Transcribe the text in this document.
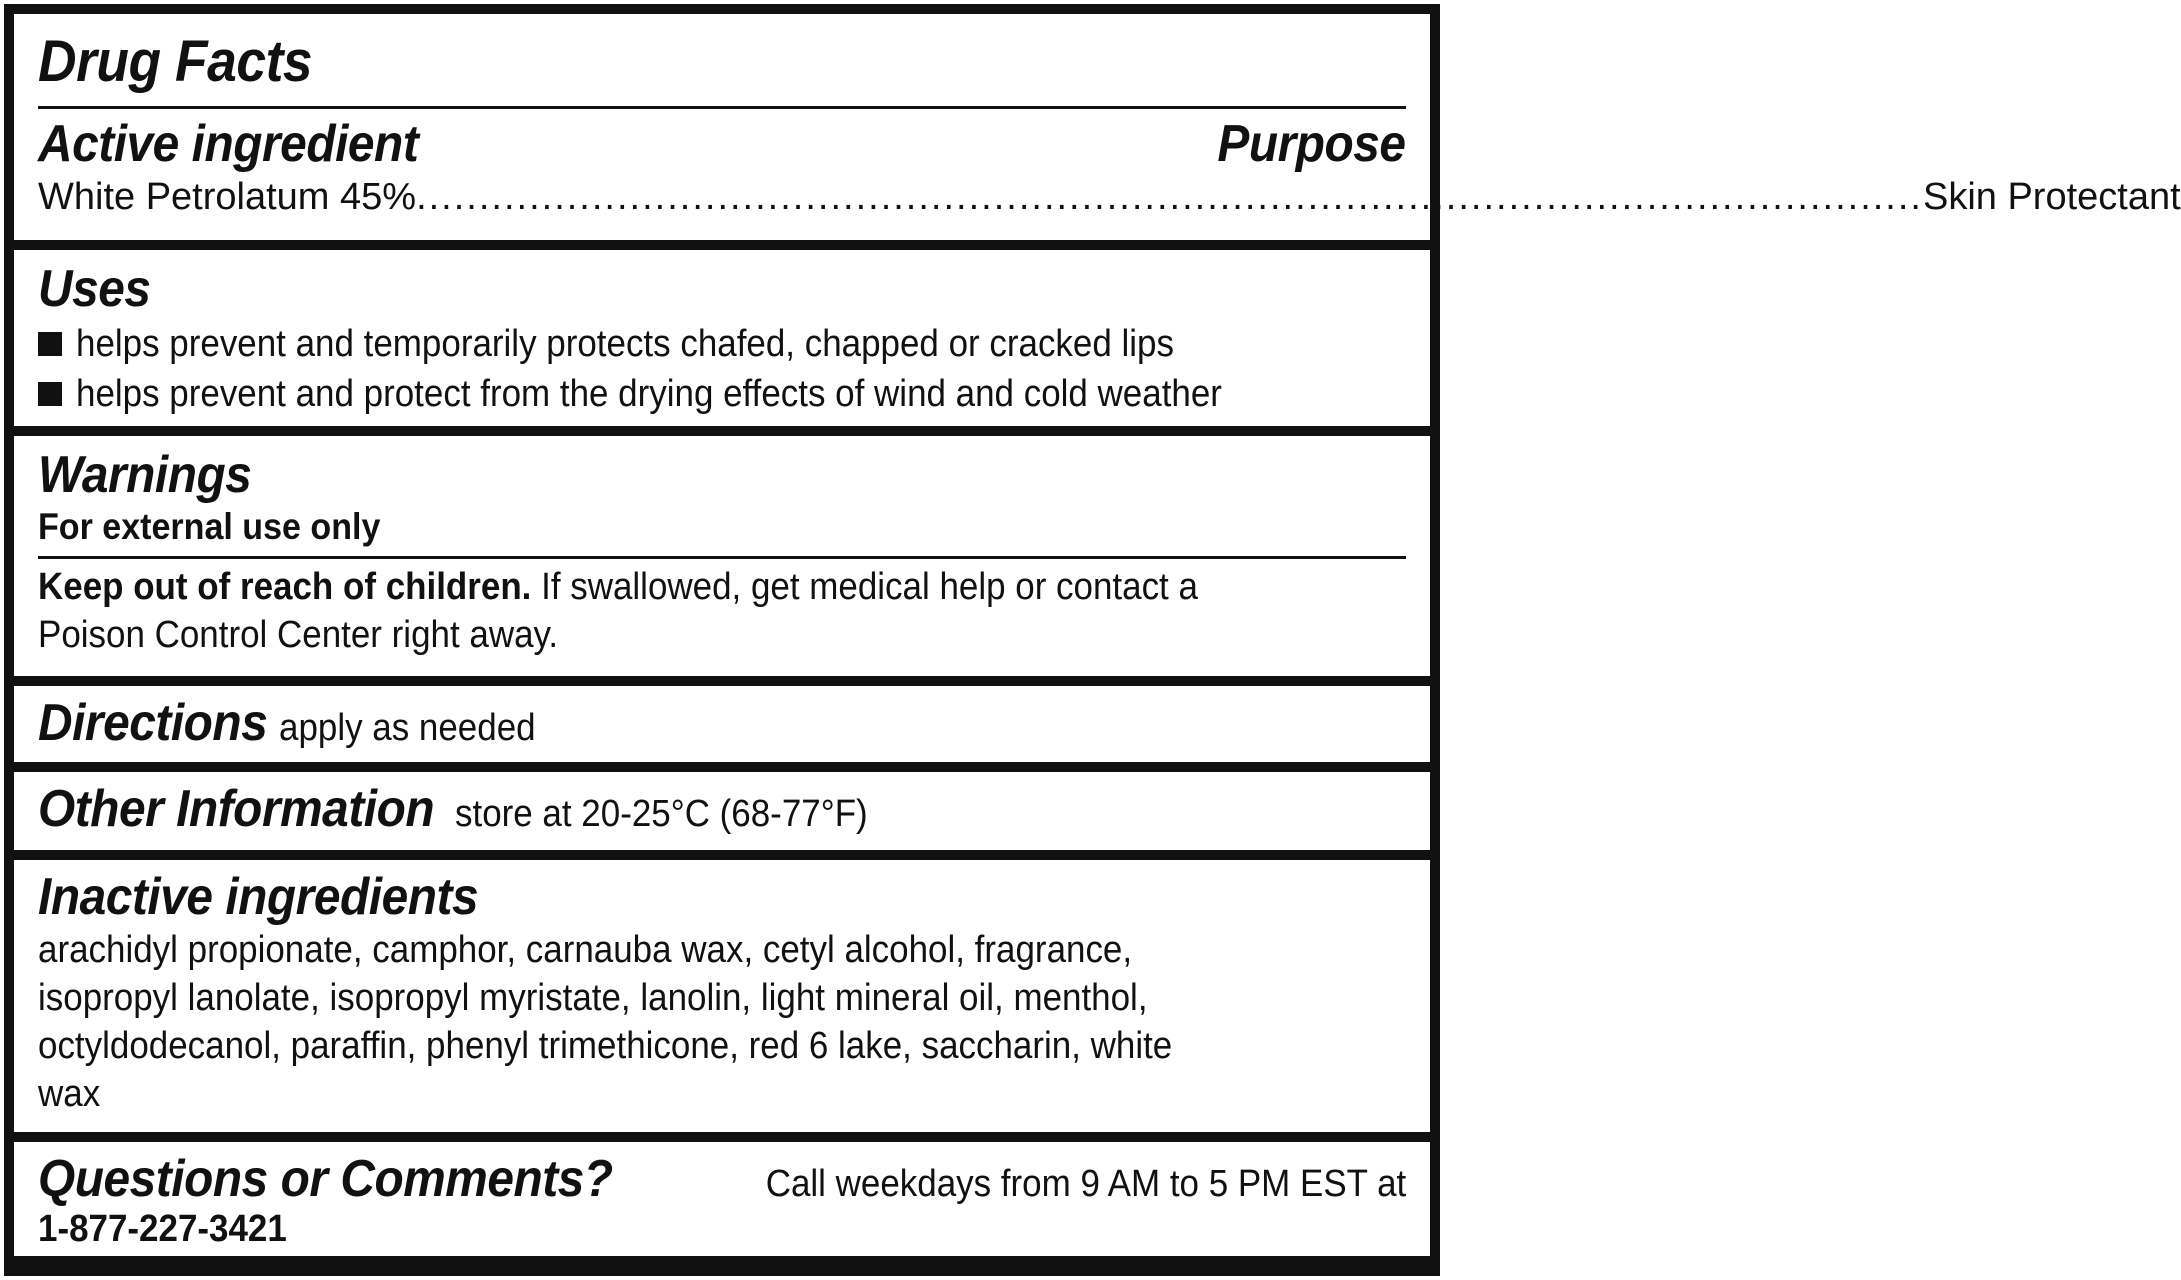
Drug Facts
Active ingredient	Purpose
White Petrolatum 45% ........................................................................................................................ Skin Protectant
Uses
helps prevent and temporarily protects chafed, chapped or cracked lips
helps prevent and protect from the drying effects of wind and cold weather
Warnings
For external use only
Keep out of reach of children. If swallowed, get medical help or contact a
Poison Control Center right away.
Directions apply as needed
Other Information store at 20-25°C (68-77°F)
Inactive ingredients
arachidyl propionate, camphor, carnauba wax, cetyl alcohol, fragrance,
isopropyl lanolate, isopropyl myristate, lanolin, light mineral oil, menthol,
octyldodecanol, paraffin, phenyl trimethicone, red 6 lake, saccharin, white
wax
Questions or Comments?	Call weekdays from 9 AM to 5 PM EST at
1-877-227-3421
